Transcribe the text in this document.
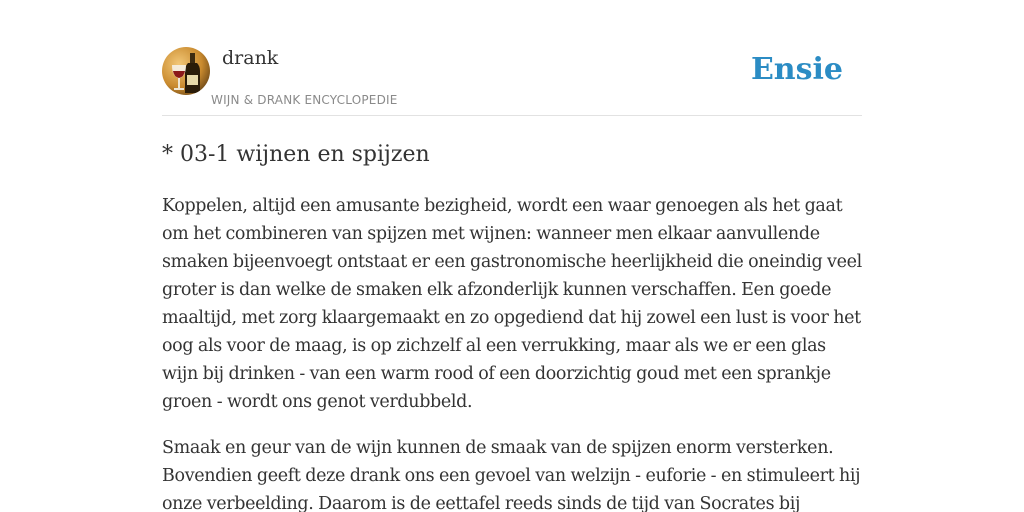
drank
WIJN & DRANK ENCYCLOPEDIE
Ensie
* 03-1 wijnen en spijzen

Koppelen, altijd een amusante bezigheid, wordt een waar genoegen als het gaat om het combineren van spijzen met wijnen: wanneer men elkaar aanvullende smaken bijeenvoegt ontstaat er een gastronomische heerlijkheid die oneindig veel groter is dan welke de smaken elk afzonderlijk kunnen verschaffen. Een goede maaltijd, met zorg klaargemaakt en zo opgediend dat hij zowel een lust is voor het oog als voor de maag, is op zichzelf al een verrukking, maar als we er een glas wijn bij drinken - van een warm rood of een doorzichtig goud met een sprankje groen - wordt ons genot verdubbeld.

Smaak en geur van de wijn kunnen de smaak van de spijzen enorm versterken. Bovendien geeft deze drank ons een gevoel van welzijn - euforie - en stimuleert hij onze verbeelding. Daarom is de eettafel reeds sinds de tijd van Socrates bij
